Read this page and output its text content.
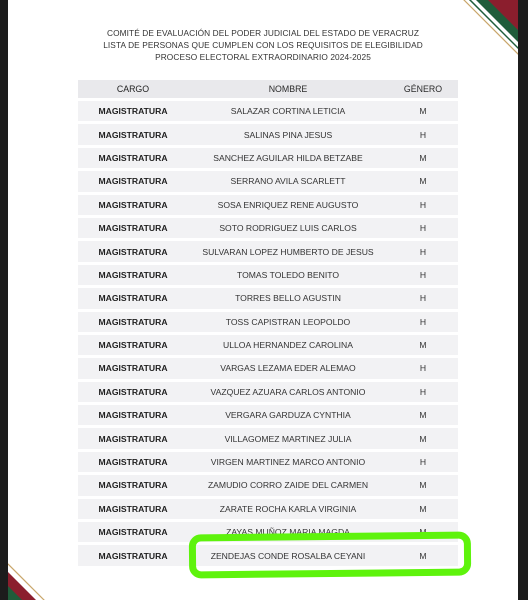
COMITÉ DE EVALUACIÓN DEL PODER JUDICIAL DEL ESTADO DE VERACRUZ
LISTA DE PERSONAS QUE CUMPLEN CON LOS REQUISITOS DE ELEGIBILIDAD
PROCESO ELECTORAL EXTRAORDINARIO 2024-2025
CARGO	NOMBRE	GÉNERO
MAGISTRATURA	SALAZAR CORTINA LETICIA	M
MAGISTRATURA	SALINAS PINA JESUS	H
MAGISTRATURA	SANCHEZ AGUILAR HILDA BETZABE	M
MAGISTRATURA	SERRANO AVILA SCARLETT	M
MAGISTRATURA	SOSA ENRIQUEZ RENE AUGUSTO	H
MAGISTRATURA	SOTO RODRIGUEZ LUIS CARLOS	H
MAGISTRATURA	SULVARAN LOPEZ HUMBERTO DE JESUS	H
MAGISTRATURA	TOMAS TOLEDO BENITO	H
MAGISTRATURA	TORRES BELLO AGUSTIN	H
MAGISTRATURA	TOSS CAPISTRAN LEOPOLDO	H
MAGISTRATURA	ULLOA HERNANDEZ CAROLINA	M
MAGISTRATURA	VARGAS LEZAMA EDER ALEMAO	H
MAGISTRATURA	VAZQUEZ AZUARA CARLOS ANTONIO	H
MAGISTRATURA	VERGARA GARDUZA CYNTHIA	M
MAGISTRATURA	VILLAGOMEZ MARTINEZ JULIA	M
MAGISTRATURA	VIRGEN MARTINEZ MARCO ANTONIO	H
MAGISTRATURA	ZAMUDIO CORRO ZAIDE DEL CARMEN	M
MAGISTRATURA	ZARATE ROCHA KARLA VIRGINIA	M
MAGISTRATURA	ZAYAS MUÑOZ MARIA MAGDA	M
MAGISTRATURA	ZENDEJAS CONDE ROSALBA CEYANI	M
